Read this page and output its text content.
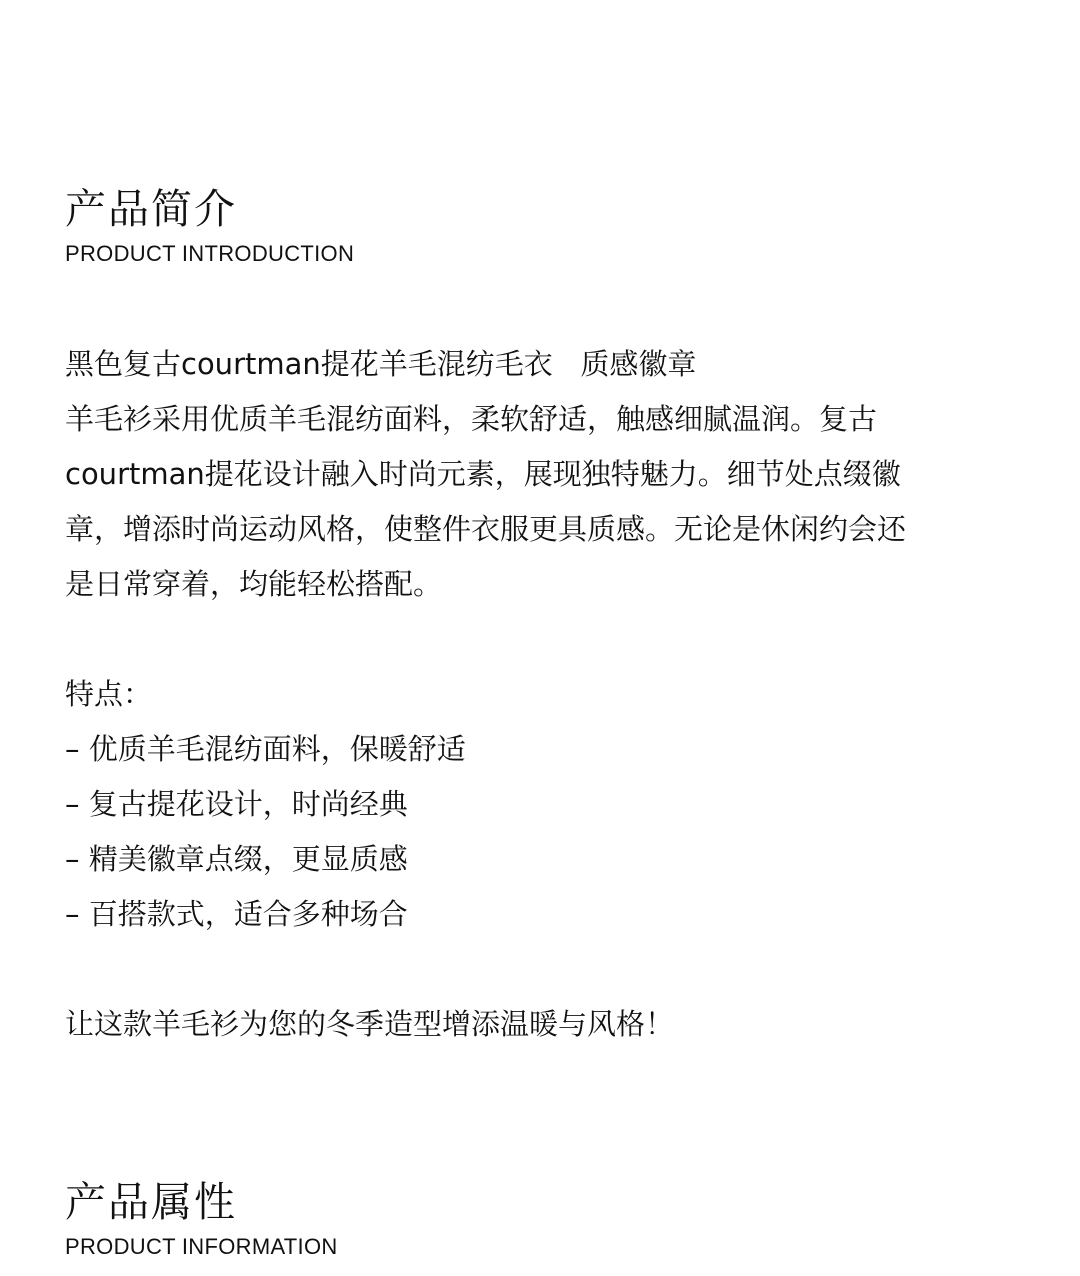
产品简介
PRODUCT INTRODUCTION

黑色复古courtman提花羊毛混纺毛衣   质感徽章

羊毛衫采用优质羊毛混纺面料，柔软舒适，触感细腻温润。复古

courtman提花设计融入时尚元素，展现独特魅力。细节处点缀徽

章，增添时尚运动风格，使整件衣服更具质感。无论是休闲约会还

是日常穿着，均能轻松搭配。

特点：

– 优质羊毛混纺面料，保暖舒适

– 复古提花设计，时尚经典

– 精美徽章点缀，更显质感

– 百搭款式，适合多种场合

让这款羊毛衫为您的冬季造型增添温暖与风格！

产品属性
PRODUCT INFORMATION
